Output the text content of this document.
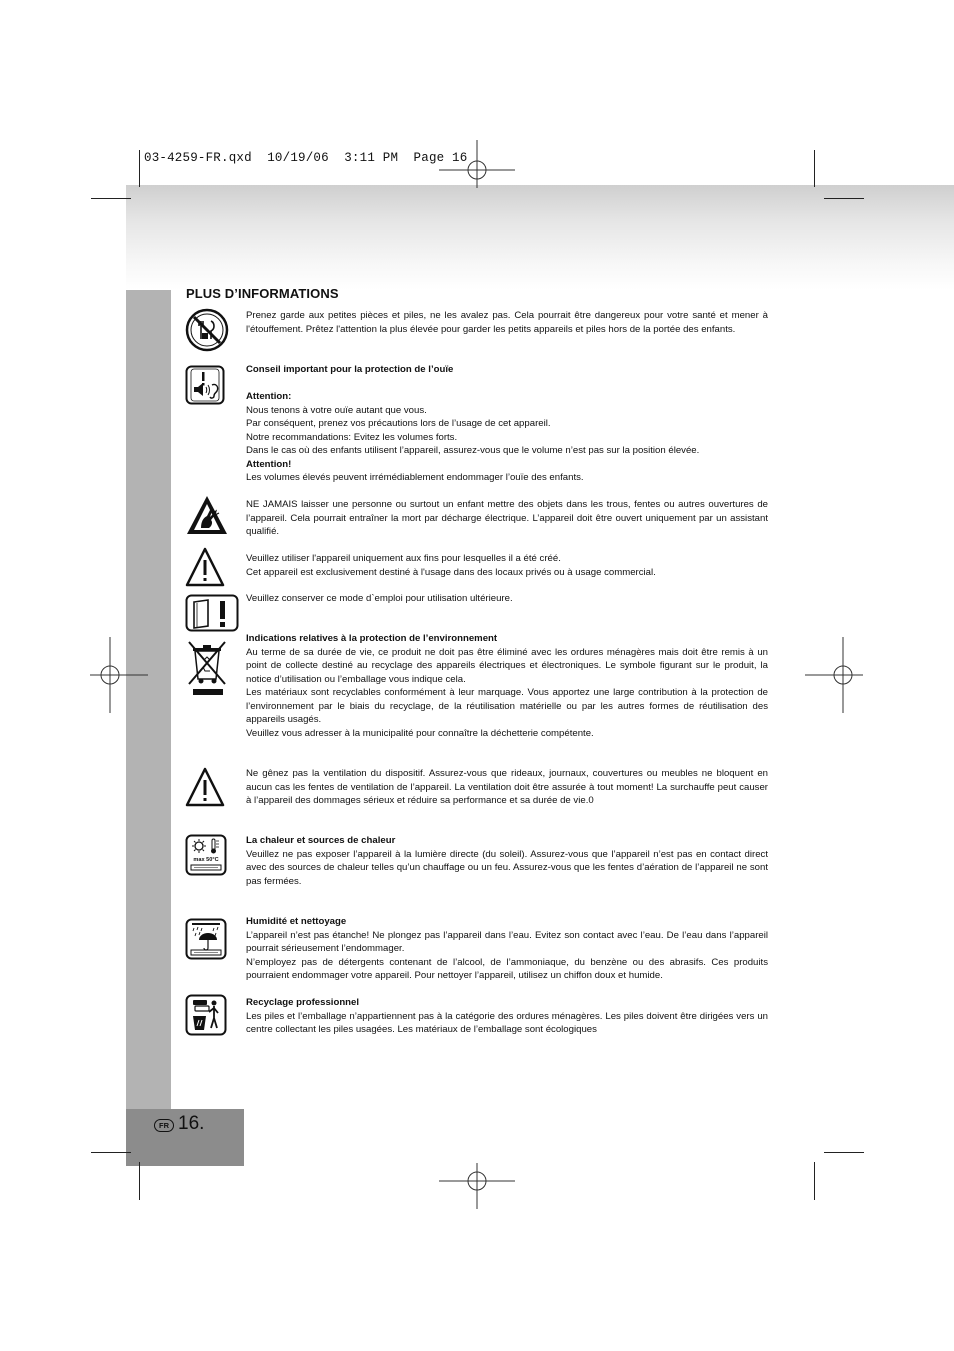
03-4259-FR.qxd  10/19/06  3:11 PM  Page 16
FR 16.
PLUS D’INFORMATIONS

Prenez garde aux petites pièces et piles, ne les avalez pas. Cela pourrait être dangereux pour votre santé et mener à l'étouffement. Prêtez l'attention la plus élevée pour garder les petits appareils et piles hors de la portée des enfants.

Conseil important pour la protection de l’ouïe

Attention:

Nous tenons à votre ouïe autant que vous.

Par conséquent, prenez vos précautions lors de l’usage de cet appareil.

Notre recommandations: Evitez les volumes forts.

Dans le cas où des enfants utilisent l’appareil, assurez-vous que le volume n’est pas sur la position élevée.

Attention!

Les volumes élevés peuvent irrémédiablement endommager l’ouïe des enfants.

NE JAMAIS laisser une personne ou surtout un enfant mettre des objets dans les trous, fentes ou autres ouvertures de l’appareil. Cela pourrait entraîner la mort par décharge électrique. L’appareil doit être ouvert uniquement par un assistant qualifié.

Veuillez utiliser l'appareil uniquement aux fins pour lesquelles il a été créé.

Cet appareil est exclusivement destiné à l'usage dans des locaux privés ou à usage commercial.

Veuillez conserver ce mode d`emploi pour utilisation ultérieure.

Indications relatives à la protection de l’environnement

Au terme de sa durée de vie, ce produit ne doit pas être éliminé avec les ordures ménagères mais doit être remis à un point de collecte destiné au recyclage des appareils électriques et électroniques. Le symbole figurant sur le produit, la notice d’utilisation ou l’emballage vous indique cela.

Les matériaux sont recyclables conformément à leur marquage. Vous apportez une large contribution à la protection de l’environnement par le biais du recyclage, de la réutilisation matérielle ou par les autres formes de réutilisation des appareils usagés.

Veuillez vous adresser à la municipalité pour connaître la déchetterie compétente.

Ne gênez pas la ventilation du dispositif. Assurez-vous que rideaux, journaux, couvertures ou meubles ne bloquent en aucun cas les fentes de ventilation de l’appareil. La ventilation doit être assurée à tout moment! La surchauffe peut causer à l’appareil des dommages sérieux et réduire sa performance et sa durée de vie.0

max 50°C

La chaleur et sources de chaleur

Veuillez ne pas exposer l’appareil à la lumière directe (du soleil). Assurez-vous que l’appareil n’est pas en contact direct avec des sources de chaleur telles qu’un chauffage ou un feu. Assurez-vous que les fentes d’aération de l’appareil ne sont pas fermées.

Humidité et nettoyage

L’appareil n’est pas étanche! Ne plongez pas l’appareil dans l’eau. Evitez son contact avec l’eau. De l’eau dans l’appareil pourrait sérieusement l’endommager.

N’employez pas de détergents contenant de l’alcool, de l’ammoniaque, du benzène ou des abrasifs. Ces produits pourraient endommager votre appareil. Pour nettoyer l’appareil, utilisez un chiffon doux et humide.

Recyclage professionnel

Les piles et l’emballage n’appartiennent pas à la catégorie des ordures ménagères. Les piles doivent être dirigées vers un centre collectant les piles usagées. Les matériaux de l’emballage sont écologiques
